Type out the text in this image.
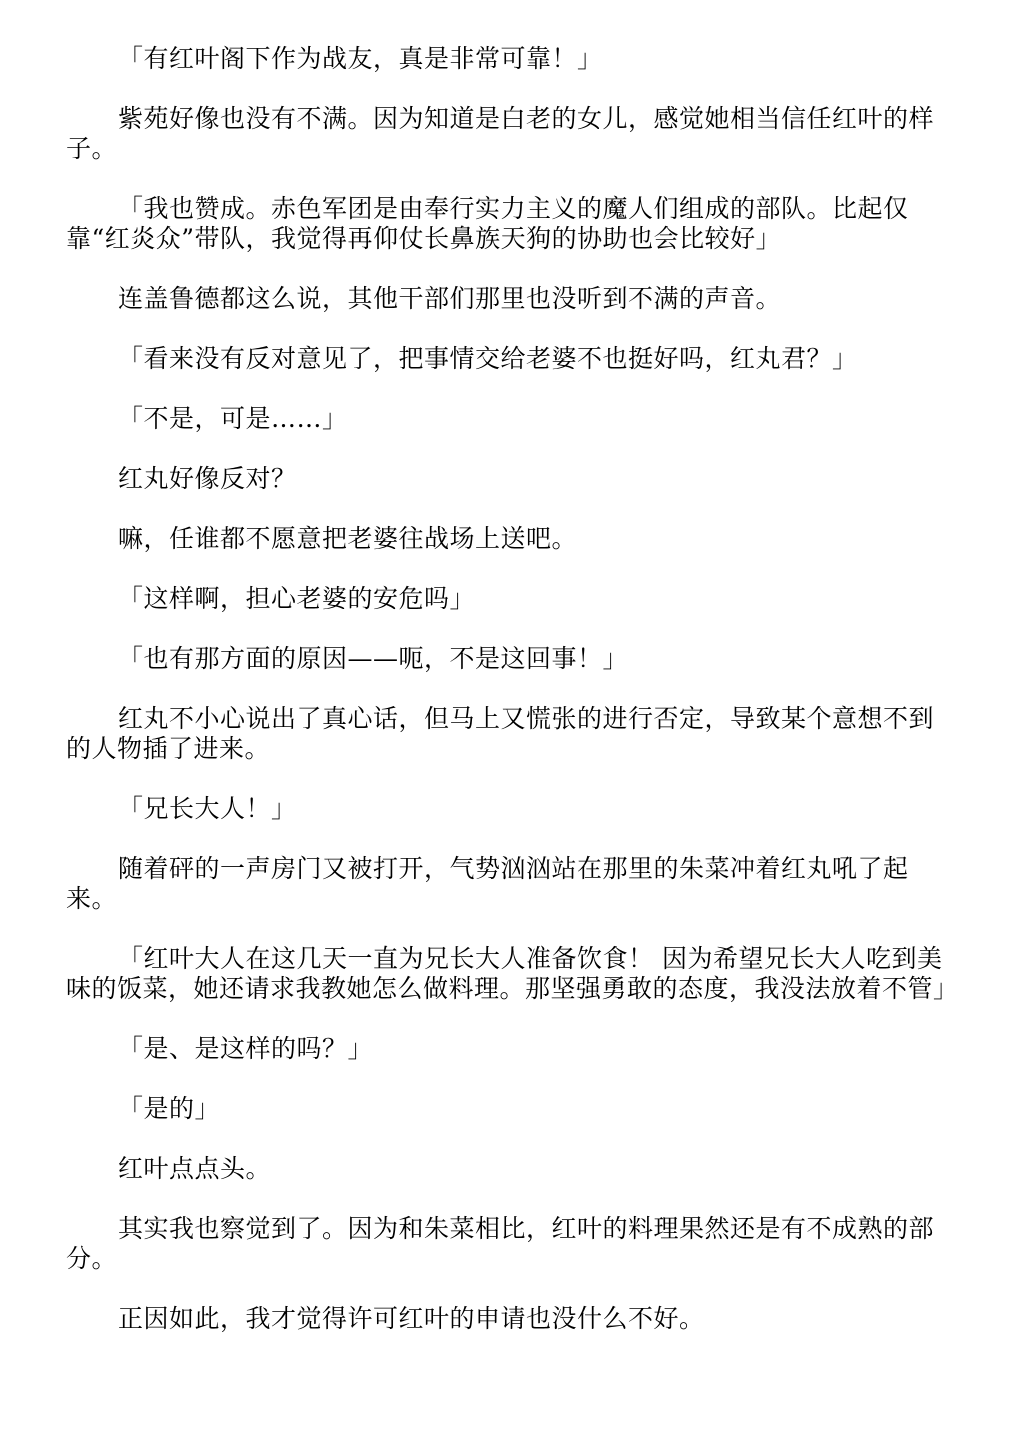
「有红叶阁下作为战友，真是非常可靠！」

紫苑好像也没有不满。因为知道是白老的女儿，感觉她相当信任红叶的样子。

「我也赞成。赤色军团是由奉行实力主义的魔人们组成的部队。比起仅靠“红炎众”带队，我觉得再仰仗长鼻族天狗的协助也会比较好」

连盖鲁德都这么说，其他干部们那里也没听到不满的声音。

「看来没有反对意见了，把事情交给老婆不也挺好吗，红丸君？」

「不是，可是……」

红丸好像反对？

嘛，任谁都不愿意把老婆往战场上送吧。

「这样啊，担心老婆的安危吗」

「也有那方面的原因——呃，不是这回事！」

红丸不小心说出了真心话，但马上又慌张的进行否定，导致某个意想不到的人物插了进来。

「兄长大人！」

随着砰的一声房门又被打开，气势汹汹站在那里的朱菜冲着红丸吼了起来。

「红叶大人在这几天一直为兄长大人准备饮食！ 因为希望兄长大人吃到美味的饭菜，她还请求我教她怎么做料理。那坚强勇敢的态度，我没法放着不管」

「是、是这样的吗？」

「是的」

红叶点点头。

其实我也察觉到了。因为和朱菜相比，红叶的料理果然还是有不成熟的部分。

正因如此，我才觉得许可红叶的申请也没什么不好。
